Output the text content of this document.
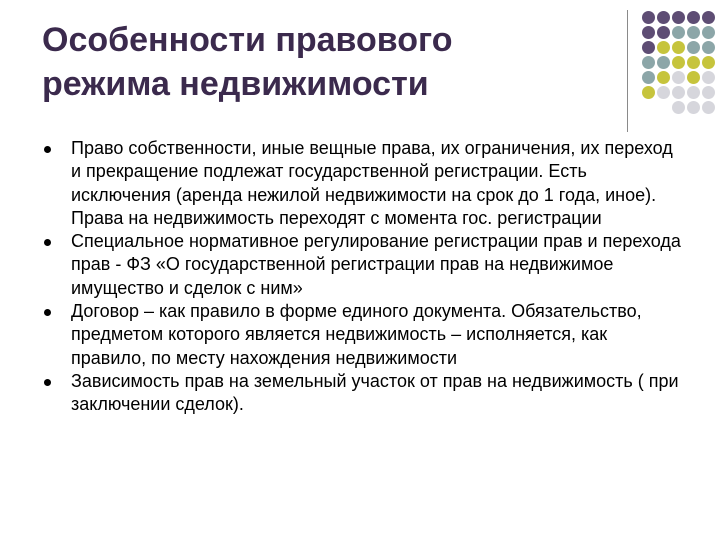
Особенности правового
режима недвижимости
Право собственности, иные вещные права, их ограничения, их переход и прекращение подлежат государственной регистрации. Есть исключения (аренда нежилой недвижимости на срок до 1 года, иное). Права на недвижимость переходят с момента гос. регистрации
Специальное нормативное регулирование регистрации прав и перехода прав - ФЗ «О государственной регистрации прав на недвижимое имущество и сделок с ним»
Договор – как правило в форме единого документа. Обязательство, предметом которого является недвижимость – исполняется, как правило, по месту нахождения недвижимости
Зависимость прав на земельный участок от прав на недвижимость ( при заключении сделок).
